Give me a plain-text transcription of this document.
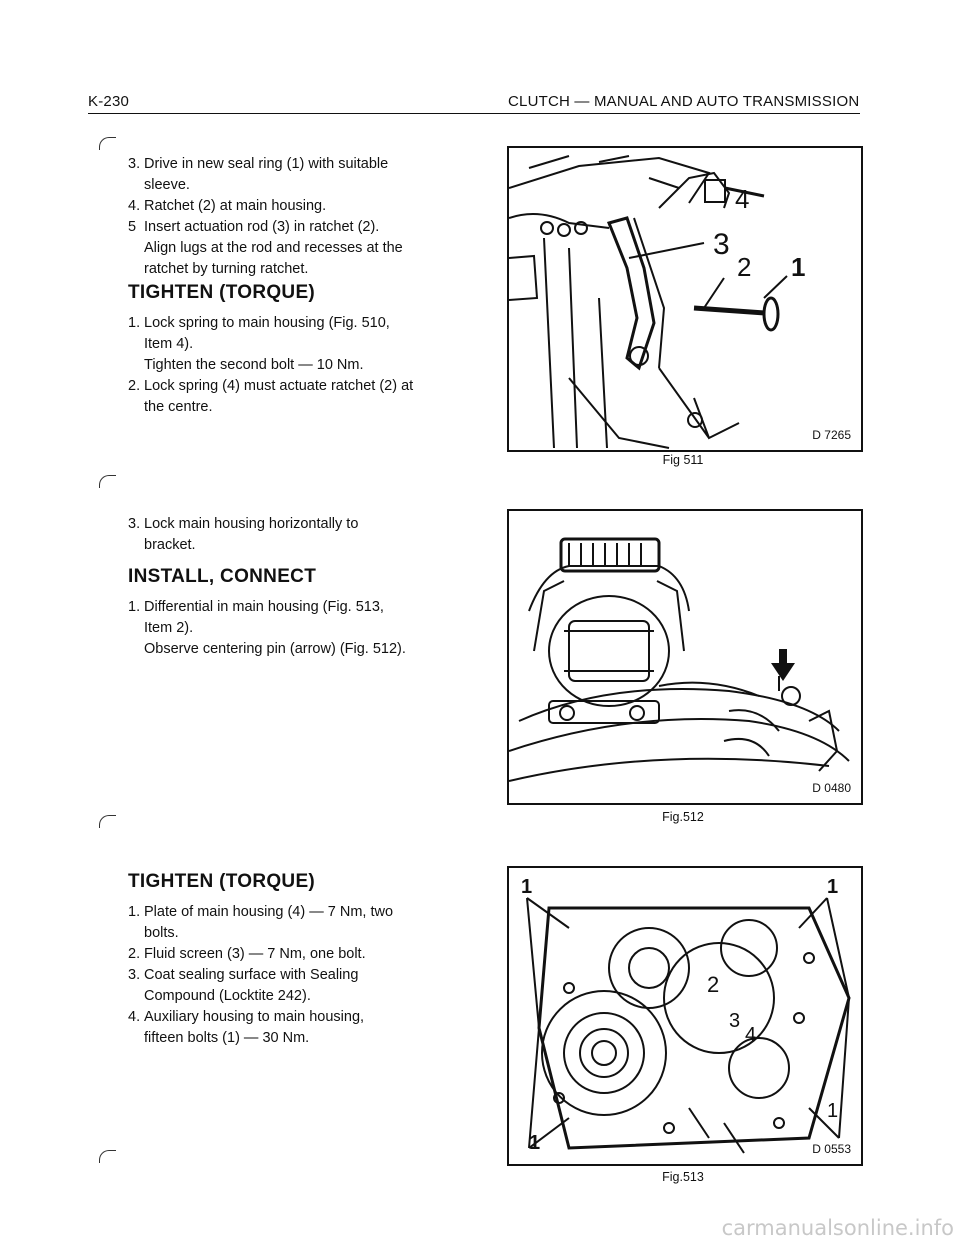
K-230	CLUTCH — MANUAL AND AUTO TRANSMISSION
3. Drive in new seal ring (1) with suitable

sleeve.

4. Ratchet (2) at main housing.

5 Insert actuation rod (3) in ratchet (2).

Align lugs at the rod and recesses at the

ratchet by turning ratchet.

TIGHTEN (TORQUE)
1. Lock spring to main housing (Fig. 510,

Item 4).

Tighten the second bolt — 10 Nm.

2. Lock spring (4) must actuate ratchet (2) at

the centre.

3. Lock main housing horizontally to

bracket.

INSTALL, CONNECT
1. Differential in main housing (Fig. 513,

Item 2).

Observe centering pin (arrow) (Fig. 512).

TIGHTEN (TORQUE)
1. Plate of main housing (4) — 7 Nm, two

bolts.

2. Fluid screen (3) — 7 Nm, one bolt.

3. Coat sealing surface with Sealing

Compound (Locktite 242).

4. Auxiliary housing to main housing,

fifteen bolts (1) — 30 Nm.

4
3
2 1
D 7265
Fig 511
D 0480
Fig.512
1	1
2
3
4
1
1	D 0553
Fig.513
carmanualsonline.info
